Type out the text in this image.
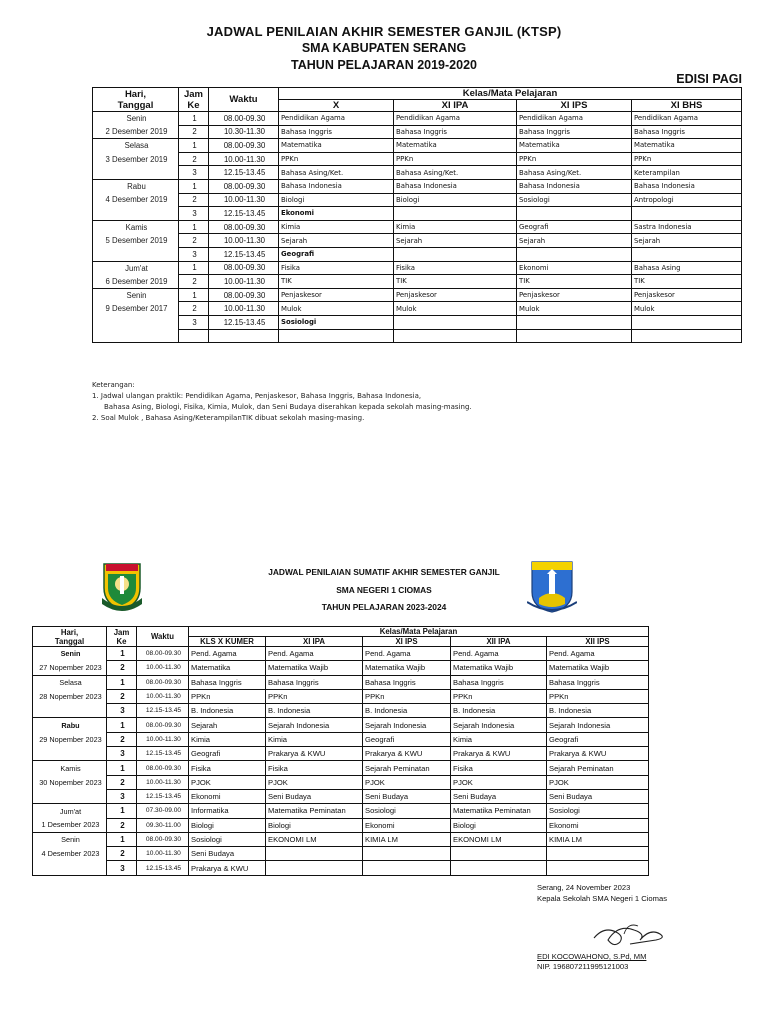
JADWAL PENILAIAN AKHIR SEMESTER GANJIL (KTSP)
SMA KABUPATEN SERANG
TAHUN PELAJARAN 2019-2020
EDISI PAGI
Hari,
Tanggal	Jam
Ke	Waktu	Kelas/Mata Pelajaran			
			X	XI IPA	XI IPS	XI BHS
Senin	1	08.00-09.30	Pendidikan Agama	Pendidikan Agama	Pendidikan Agama	Pendidikan Agama
2 Desember 2019	2	10.30-11.30	Bahasa Inggris	Bahasa Inggris	Bahasa Inggris	Bahasa Inggris
Selasa	1	08.00-09.30	Matematika	Matematika	Matematika	Matematika
3 Desember 2019	2	10.00-11.30	PPKn	PPKn	PPKn	PPKn
	3	12.15-13.45	Bahasa Asing/Ket.	Bahasa Asing/Ket.	Bahasa Asing/Ket.	Keterampilan
Rabu	1	08.00-09.30	Bahasa Indonesia	Bahasa Indonesia	Bahasa Indonesia	Bahasa Indonesia
4 Desember 2019	2	10.00-11.30	Biologi	Biologi	Sosiologi	Antropologi
	3	12.15-13.45	Ekonomi			
Kamis	1	08.00-09.30	Kimia	Kimia	Geografi	Sastra Indonesia
5 Desember 2019	2	10.00-11.30	Sejarah	Sejarah	Sejarah	Sejarah
	3	12.15-13.45	Geografi			
Jum'at	1	08.00-09.30	Fisika	Fisika	Ekonomi	Bahasa Asing
6 Desember 2019	2	10.00-11.30	TIK	TIK	TIK	TIK
Senin	1	08.00-09.30	Penjaskesor	Penjaskesor	Penjaskesor	Penjaskesor
9 Desember 2017	2	10.00-11.30	Mulok	Mulok	Mulok	Mulok
	3	12.15-13.45	Sosiologi			

Keterangan:
1. Jadwal ulangan praktik: Pendidikan Agama, Penjaskesor, Bahasa Inggris, Bahasa Indonesia,
Bahasa Asing, Biologi, Fisika, Kimia, Mulok, dan Seni Budaya diserahkan kepada sekolah masing-masing.
2. Soal Mulok , Bahasa Asing/KeterampilanTIK dibuat sekolah masing-masing.
JADWAL PENILAIAN SUMATIF AKHIR SEMESTER GANJIL
SMA NEGERI 1 CIOMAS
TAHUN PELAJARAN 2023-2024
Hari,
Tanggal	Jam
Ke	Waktu	Kelas/Mata Pelajaran				
			KLS X KUMER	XI IPA	XI IPS	XII IPA	XII IPS
Senin	1	08.00-09.30	Pend. Agama	Pend. Agama	Pend. Agama	Pend. Agama	Pend. Agama
27 Nopember 2023	2	10.00-11.30	Matematika	Matematika Wajib	Matematika Wajib	Matematika Wajib	Matematika Wajib
Selasa	1	08.00-09.30	Bahasa Inggris	Bahasa Inggris	Bahasa Inggris	Bahasa Inggris	Bahasa Inggris
28 Nopember 2023	2	10.00-11.30	PPKn	PPKn	PPKn	PPKn	PPKn
	3	12.15-13.45	B. Indonesia	B. Indonesia	B. Indonesia	B. Indonesia	B. Indonesia
Rabu	1	08.00-09.30	Sejarah	Sejarah Indonesia	Sejarah Indonesia	Sejarah Indonesia	Sejarah Indonesia
29 Nopember 2023	2	10.00-11.30	Kimia	Kimia	Geografi	Kimia	Geografi
	3	12.15-13.45	Geografi	Prakarya & KWU	Prakarya & KWU	Prakarya & KWU	Prakarya & KWU
Kamis	1	08.00-09.30	Fisika	Fisika	Sejarah Peminatan	Fisika	Sejarah Peminatan
30 Nopember 2023	2	10.00-11.30	PJOK	PJOK	PJOK	PJOK	PJOK
	3	12.15-13.45	Ekonomi	Seni Budaya	Seni Budaya	Seni Budaya	Seni Budaya
Jum'at	1	07.30-09.00	Informatika	Matematika Peminatan	Sosiologi	Matematika Peminatan	Sosiologi
1 Desember 2023	2	09.30-11.00	Biologi	Biologi	Ekonomi	Biologi	Ekonomi
Senin	1	08.00-09.30	Sosiologi	EKONOMI LM	KIMIA LM	EKONOMI LM	KIMIA LM
4 Desember 2023	2	10.00-11.30	Seni Budaya				
	3	12.15-13.45	Prakarya & KWU				
Serang, 24 November 2023
Kepala Sekolah SMA Negeri 1 Ciomas
EDI KOCOWAHONO, S.Pd, MM
NIP. 196807211995121003
